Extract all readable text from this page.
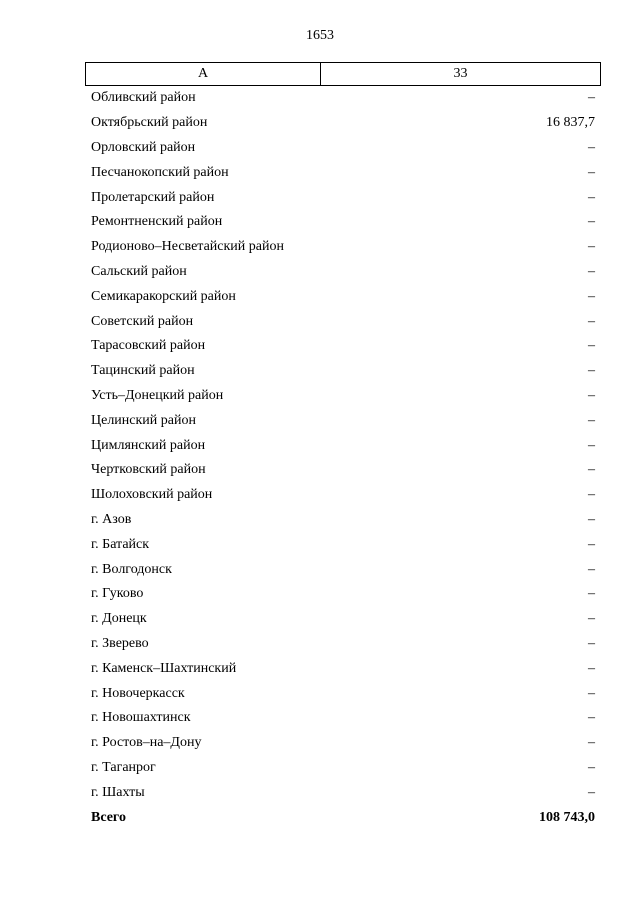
1653
А	33
Обливский район	–
Октябрьский район	16 837,7
Орловский район	–
Песчанокопский район	–
Пролетарский район	–
Ремонтненский район	–
Родионово–Несветайский район	–
Сальский район	–
Семикаракорский район	–
Советский район	–
Тарасовский район	–
Тацинский район	–
Усть–Донецкий район	–
Целинский район	–
Цимлянский район	–
Чертковский район	–
Шолоховский район	–
г. Азов	–
г. Батайск	–
г. Волгодонск	–
г. Гуково	–
г. Донецк	–
г. Зверево	–
г. Каменск–Шахтинский	–
г. Новочеркасск	–
г. Новошахтинск	–
г. Ростов–на–Дону	–
г. Таганрог	–
г. Шахты	–
Всего	108 743,0
